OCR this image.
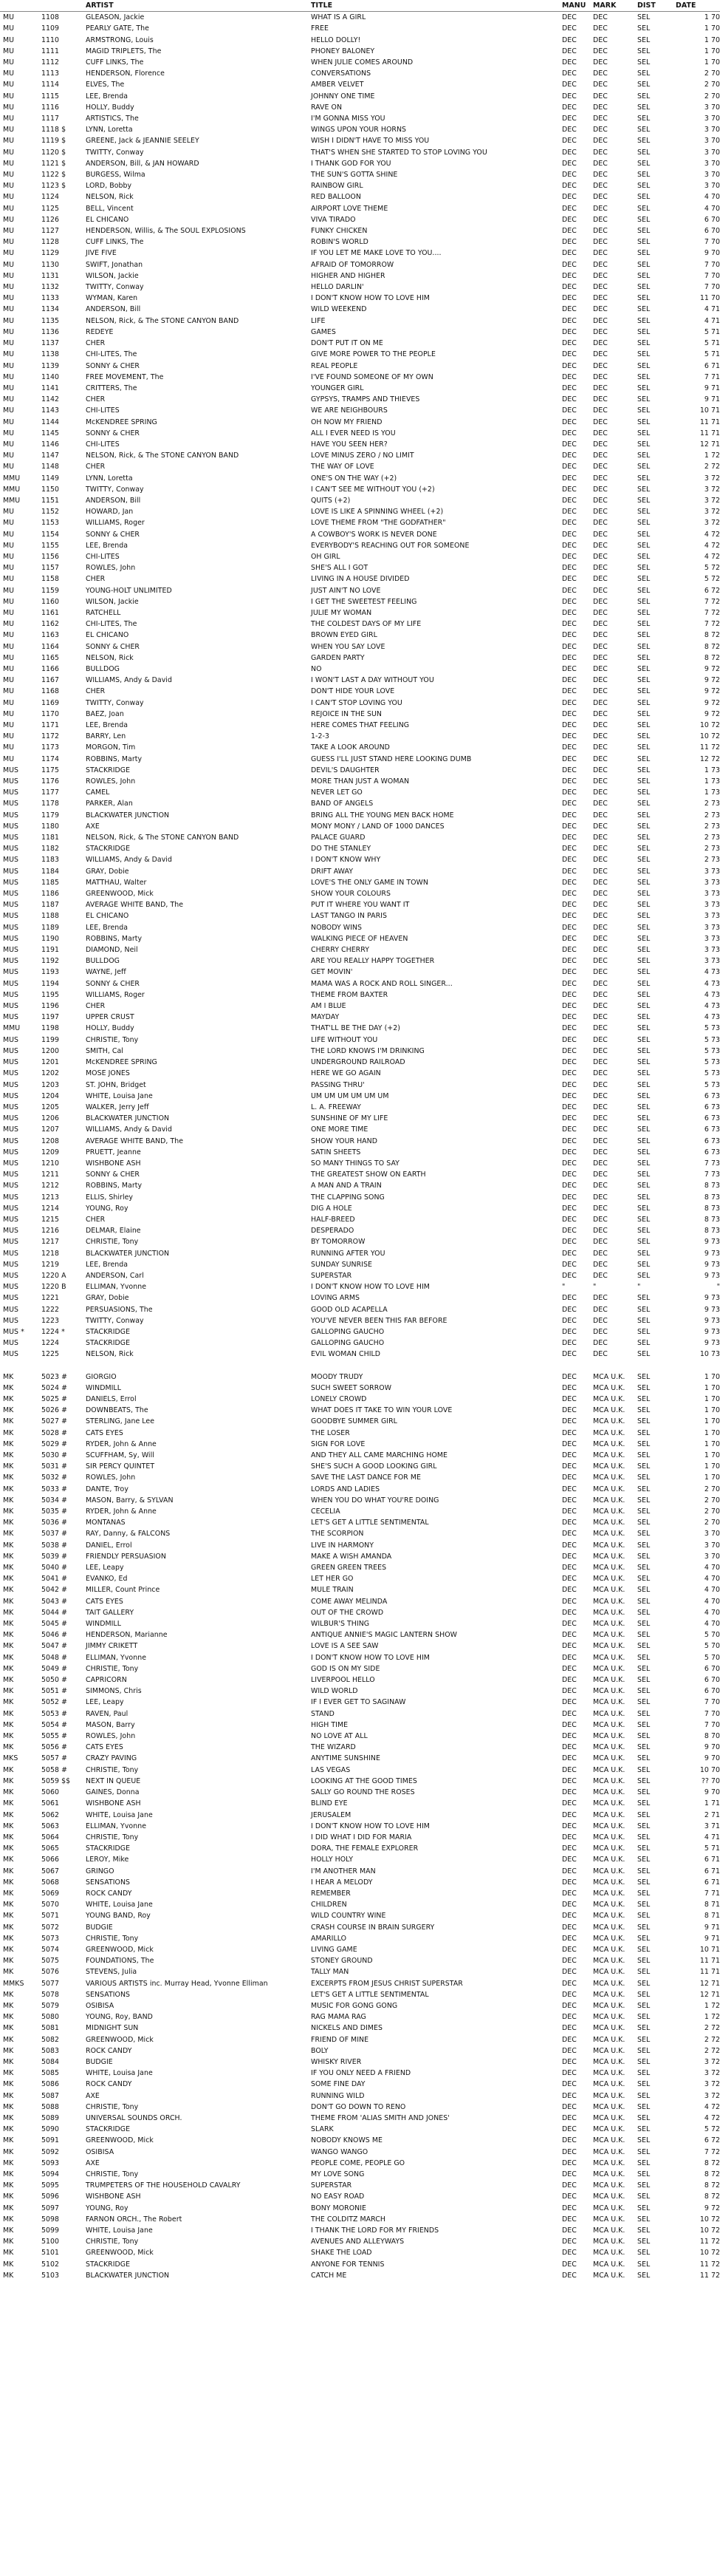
		ARTIST	TITLE	MANU	MARK	DIST	DATE
MU	1108	GLEASON, Jackie	WHAT IS A GIRL	DEC	DEC	SEL	1 70
MU	1109	PEARLY GATE, The	FREE	DEC	DEC	SEL	1 70
MU	1110	ARMSTRONG, Louis	HELLO DOLLY!	DEC	DEC	SEL	1 70
MU	1111	MAGID TRIPLETS, The	PHONEY BALONEY	DEC	DEC	SEL	1 70
MU	1112	CUFF LINKS, The	WHEN JULIE COMES AROUND	DEC	DEC	SEL	1 70
MU	1113	HENDERSON, Florence	CONVERSATIONS	DEC	DEC	SEL	2 70
MU	1114	ELVES, The	AMBER VELVET	DEC	DEC	SEL	2 70
MU	1115	LEE, Brenda	JOHNNY ONE TIME	DEC	DEC	SEL	2 70
MU	1116	HOLLY, Buddy	RAVE ON	DEC	DEC	SEL	3 70
MU	1117	ARTISTICS, The	I'M GONNA MISS YOU	DEC	DEC	SEL	3 70
MU	1118 $	LYNN, Loretta	WINGS UPON YOUR HORNS	DEC	DEC	SEL	3 70
MU	1119 $	GREENE, Jack & JEANNIE SEELEY	WISH I DIDN'T HAVE TO MISS YOU	DEC	DEC	SEL	3 70
MU	1120 $	TWITTY, Conway	THAT'S WHEN SHE STARTED TO STOP LOVING YOU	DEC	DEC	SEL	3 70
MU	1121 $	ANDERSON, Bill, & JAN HOWARD	I THANK GOD FOR YOU	DEC	DEC	SEL	3 70
MU	1122 $	BURGESS, Wilma	THE SUN'S GOTTA SHINE	DEC	DEC	SEL	3 70
MU	1123 $	LORD, Bobby	RAINBOW GIRL	DEC	DEC	SEL	3 70
MU	1124	NELSON, Rick	RED BALLOON	DEC	DEC	SEL	4 70
MU	1125	BELL, Vincent	AIRPORT LOVE THEME	DEC	DEC	SEL	4 70
MU	1126	EL CHICANO	VIVA TIRADO	DEC	DEC	SEL	6 70
MU	1127	HENDERSON, Willis, & The SOUL EXPLOSIONS	FUNKY CHICKEN	DEC	DEC	SEL	6 70
MU	1128	CUFF LINKS, The	ROBIN'S WORLD	DEC	DEC	SEL	7 70
MU	1129	JIVE FIVE	IF YOU LET ME MAKE LOVE TO YOU....	DEC	DEC	SEL	9 70
MU	1130	SWIFT, Jonathan	AFRAID OF TOMORROW	DEC	DEC	SEL	7 70
MU	1131	WILSON, Jackie	HIGHER AND HIGHER	DEC	DEC	SEL	7 70
MU	1132	TWITTY, Conway	HELLO DARLIN'	DEC	DEC	SEL	7 70
MU	1133	WYMAN, Karen	I DON'T KNOW HOW TO LOVE HIM	DEC	DEC	SEL	11 70
MU	1134	ANDERSON, Bill	WILD WEEKEND	DEC	DEC	SEL	4 71
MU	1135	NELSON, Rick, & The STONE CANYON BAND	LIFE	DEC	DEC	SEL	4 71
MU	1136	REDEYE	GAMES	DEC	DEC	SEL	5 71
MU	1137	CHER	DON'T PUT IT ON ME	DEC	DEC	SEL	5 71
MU	1138	CHI-LITES, The	GIVE MORE POWER TO THE PEOPLE	DEC	DEC	SEL	5 71
MU	1139	SONNY & CHER	REAL PEOPLE	DEC	DEC	SEL	6 71
MU	1140	FREE MOVEMENT, The	I'VE FOUND SOMEONE OF MY OWN	DEC	DEC	SEL	7 71
MU	1141	CRITTERS, The	YOUNGER GIRL	DEC	DEC	SEL	9 71
MU	1142	CHER	GYPSYS, TRAMPS AND THIEVES	DEC	DEC	SEL	9 71
MU	1143	CHI-LITES	WE ARE NEIGHBOURS	DEC	DEC	SEL	10 71
MU	1144	McKENDREE SPRING	OH NOW MY FRIEND	DEC	DEC	SEL	11 71
MU	1145	SONNY & CHER	ALL I EVER NEED IS YOU	DEC	DEC	SEL	11 71
MU	1146	CHI-LITES	HAVE YOU SEEN HER?	DEC	DEC	SEL	12 71
MU	1147	NELSON, Rick, & The STONE CANYON BAND	LOVE MINUS ZERO / NO LIMIT	DEC	DEC	SEL	1 72
MU	1148	CHER	THE WAY OF LOVE	DEC	DEC	SEL	2 72
MMU	1149	LYNN, Loretta	ONE'S ON THE WAY (+2)	DEC	DEC	SEL	3 72
MMU	1150	TWITTY, Conway	I CAN'T SEE ME WITHOUT YOU (+2)	DEC	DEC	SEL	3 72
MMU	1151	ANDERSON, Bill	QUITS (+2)	DEC	DEC	SEL	3 72
MU	1152	HOWARD, Jan	LOVE IS LIKE A SPINNING WHEEL (+2)	DEC	DEC	SEL	3 72
MU	1153	WILLIAMS, Roger	LOVE THEME FROM "THE GODFATHER"	DEC	DEC	SEL	3 72
MU	1154	SONNY & CHER	A COWBOY'S WORK IS NEVER DONE	DEC	DEC	SEL	4 72
MU	1155	LEE, Brenda	EVERYBODY'S REACHING OUT FOR SOMEONE	DEC	DEC	SEL	4 72
MU	1156	CHI-LITES	OH GIRL	DEC	DEC	SEL	4 72
MU	1157	ROWLES, John	SHE'S ALL I GOT	DEC	DEC	SEL	5 72
MU	1158	CHER	LIVING IN A HOUSE DIVIDED	DEC	DEC	SEL	5 72
MU	1159	YOUNG-HOLT UNLIMITED	JUST AIN'T NO LOVE	DEC	DEC	SEL	6 72
MU	1160	WILSON, Jackie	I GET THE SWEETEST FEELING	DEC	DEC	SEL	7 72
MU	1161	RATCHELL	JULIE MY WOMAN	DEC	DEC	SEL	7 72
MU	1162	CHI-LITES, The	THE COLDEST DAYS OF MY LIFE	DEC	DEC	SEL	7 72
MU	1163	EL CHICANO	BROWN EYED GIRL	DEC	DEC	SEL	8 72
MU	1164	SONNY & CHER	WHEN YOU SAY LOVE	DEC	DEC	SEL	8 72
MU	1165	NELSON, Rick	GARDEN PARTY	DEC	DEC	SEL	8 72
MU	1166	BULLDOG	NO	DEC	DEC	SEL	9 72
MU	1167	WILLIAMS, Andy & David	I WON'T LAST A DAY WITHOUT YOU	DEC	DEC	SEL	9 72
MU	1168	CHER	DON'T HIDE YOUR LOVE	DEC	DEC	SEL	9 72
MU	1169	TWITTY, Conway	I CAN'T STOP LOVING YOU	DEC	DEC	SEL	9 72
MU	1170	BAEZ, Joan	REJOICE IN THE SUN	DEC	DEC	SEL	9 72
MU	1171	LEE, Brenda	HERE COMES THAT FEELING	DEC	DEC	SEL	10 72
MU	1172	BARRY, Len	1-2-3	DEC	DEC	SEL	10 72
MU	1173	MORGON, Tim	TAKE A LOOK AROUND	DEC	DEC	SEL	11 72
MU	1174	ROBBINS, Marty	GUESS I'LL JUST STAND HERE LOOKING DUMB	DEC	DEC	SEL	12 72
MUS	1175	STACKRIDGE	DEVIL'S DAUGHTER	DEC	DEC	SEL	1 73
MUS	1176	ROWLES, John	MORE THAN JUST A WOMAN	DEC	DEC	SEL	1 73
MUS	1177	CAMEL	NEVER LET GO	DEC	DEC	SEL	1 73
MUS	1178	PARKER, Alan	BAND OF ANGELS	DEC	DEC	SEL	2 73
MUS	1179	BLACKWATER JUNCTION	BRING ALL THE YOUNG MEN BACK HOME	DEC	DEC	SEL	2 73
MUS	1180	AXE	MONY MONY / LAND OF 1000 DANCES	DEC	DEC	SEL	2 73
MUS	1181	NELSON, Rick, & The STONE CANYON BAND	PALACE GUARD	DEC	DEC	SEL	2 73
MUS	1182	STACKRIDGE	DO THE STANLEY	DEC	DEC	SEL	2 73
MUS	1183	WILLIAMS, Andy & David	I DON'T KNOW WHY	DEC	DEC	SEL	2 73
MUS	1184	GRAY, Dobie	DRIFT AWAY	DEC	DEC	SEL	3 73
MUS	1185	MATTHAU, Walter	LOVE'S THE ONLY GAME IN TOWN	DEC	DEC	SEL	3 73
MUS	1186	GREENWOOD, Mick	SHOW YOUR COLOURS	DEC	DEC	SEL	3 73
MUS	1187	AVERAGE WHITE BAND, The	PUT IT WHERE YOU WANT IT	DEC	DEC	SEL	3 73
MUS	1188	EL CHICANO	LAST TANGO IN PARIS	DEC	DEC	SEL	3 73
MUS	1189	LEE, Brenda	NOBODY WINS	DEC	DEC	SEL	3 73
MUS	1190	ROBBINS, Marty	WALKING PIECE OF HEAVEN	DEC	DEC	SEL	3 73
MUS	1191	DIAMOND, Neil	CHERRY CHERRY	DEC	DEC	SEL	3 73
MUS	1192	BULLDOG	ARE YOU REALLY HAPPY TOGETHER	DEC	DEC	SEL	3 73
MUS	1193	WAYNE, Jeff	GET MOVIN'	DEC	DEC	SEL	4 73
MUS	1194	SONNY & CHER	MAMA WAS A ROCK AND ROLL SINGER...	DEC	DEC	SEL	4 73
MUS	1195	WILLIAMS, Roger	THEME FROM BAXTER	DEC	DEC	SEL	4 73
MUS	1196	CHER	AM I BLUE	DEC	DEC	SEL	4 73
MUS	1197	UPPER CRUST	MAYDAY	DEC	DEC	SEL	4 73
MMU	1198	HOLLY, Buddy	THAT'LL BE THE DAY (+2)	DEC	DEC	SEL	5 73
MUS	1199	CHRISTIE, Tony	LIFE WITHOUT YOU	DEC	DEC	SEL	5 73
MUS	1200	SMITH, Cal	THE LORD KNOWS I'M DRINKING	DEC	DEC	SEL	5 73
MUS	1201	McKENDREE SPRING	UNDERGROUND RAILROAD	DEC	DEC	SEL	5 73
MUS	1202	MOSE JONES	HERE WE GO AGAIN	DEC	DEC	SEL	5 73
MUS	1203	ST. JOHN, Bridget	PASSING THRU'	DEC	DEC	SEL	5 73
MUS	1204	WHITE, Louisa Jane	UM UM UM UM UM UM	DEC	DEC	SEL	6 73
MUS	1205	WALKER, Jerry Jeff	L. A. FREEWAY	DEC	DEC	SEL	6 73
MUS	1206	BLACKWATER JUNCTION	SUNSHINE OF MY LIFE	DEC	DEC	SEL	6 73
MUS	1207	WILLIAMS, Andy & David	ONE MORE TIME	DEC	DEC	SEL	6 73
MUS	1208	AVERAGE WHITE BAND, The	SHOW YOUR HAND	DEC	DEC	SEL	6 73
MUS	1209	PRUETT, Jeanne	SATIN SHEETS	DEC	DEC	SEL	6 73
MUS	1210	WISHBONE ASH	SO MANY THINGS TO SAY	DEC	DEC	SEL	7 73
MUS	1211	SONNY & CHER	THE GREATEST SHOW ON EARTH	DEC	DEC	SEL	7 73
MUS	1212	ROBBINS, Marty	A MAN AND A TRAIN	DEC	DEC	SEL	8 73
MUS	1213	ELLIS, Shirley	THE CLAPPING SONG	DEC	DEC	SEL	8 73
MUS	1214	YOUNG, Roy	DIG A HOLE	DEC	DEC	SEL	8 73
MUS	1215	CHER	HALF-BREED	DEC	DEC	SEL	8 73
MUS	1216	DELMAR, Elaine	DESPERADO	DEC	DEC	SEL	8 73
MUS	1217	CHRISTIE, Tony	BY TOMORROW	DEC	DEC	SEL	9 73
MUS	1218	BLACKWATER JUNCTION	RUNNING AFTER YOU	DEC	DEC	SEL	9 73
MUS	1219	LEE, Brenda	SUNDAY SUNRISE	DEC	DEC	SEL	9 73
MUS	1220 A	ANDERSON, Carl	SUPERSTAR	DEC	DEC	SEL	9 73
MUS	1220 B	ELLIMAN, Yvonne	I DON'T KNOW HOW TO LOVE HIM	"	"	"	"
MUS	1221	GRAY, Dobie	LOVING ARMS	DEC	DEC	SEL	9 73
MUS	1222	PERSUASIONS, The	GOOD OLD ACAPELLA	DEC	DEC	SEL	9 73
MUS	1223	TWITTY, Conway	YOU'VE NEVER BEEN THIS FAR BEFORE	DEC	DEC	SEL	9 73
MUS *	1224 *	STACKRIDGE	GALLOPING GAUCHO	DEC	DEC	SEL	9 73
MUS	1224	STACKRIDGE	GALLOPING GAUCHO	DEC	DEC	SEL	9 73
MUS	1225	NELSON, Rick	EVIL WOMAN CHILD	DEC	DEC	SEL	10 73

MK	5023 #	GIORGIO	MOODY TRUDY	DEC	MCA U.K.	SEL	1 70
MK	5024 #	WINDMILL	SUCH SWEET SORROW	DEC	MCA U.K.	SEL	1 70
MK	5025 #	DANIELS, Errol	LONELY CROWD	DEC	MCA U.K.	SEL	1 70
MK	5026 #	DOWNBEATS, The	WHAT DOES IT TAKE TO WIN YOUR LOVE	DEC	MCA U.K.	SEL	1 70
MK	5027 #	STERLING, Jane Lee	GOODBYE SUMMER GIRL	DEC	MCA U.K.	SEL	1 70
MK	5028 #	CATS EYES	THE LOSER	DEC	MCA U.K.	SEL	1 70
MK	5029 #	RYDER, John & Anne	SIGN FOR LOVE	DEC	MCA U.K.	SEL	1 70
MK	5030 #	SCUFFHAM, Sy, Will	AND THEY ALL CAME MARCHING HOME	DEC	MCA U.K.	SEL	1 70
MK	5031 #	SIR PERCY QUINTET	SHE'S SUCH A GOOD LOOKING GIRL	DEC	MCA U.K.	SEL	1 70
MK	5032 #	ROWLES, John	SAVE THE LAST DANCE FOR ME	DEC	MCA U.K.	SEL	1 70
MK	5033 #	DANTE, Troy	LORDS AND LADIES	DEC	MCA U.K.	SEL	2 70
MK	5034 #	MASON, Barry, & SYLVAN	WHEN YOU DO WHAT YOU'RE DOING	DEC	MCA U.K.	SEL	2 70
MK	5035 #	RYDER, John & Anne	CECELIA	DEC	MCA U.K.	SEL	2 70
MK	5036 #	MONTANAS	LET'S GET A LITTLE SENTIMENTAL	DEC	MCA U.K.	SEL	2 70
MK	5037 #	RAY, Danny, & FALCONS	THE SCORPION	DEC	MCA U.K.	SEL	3 70
MK	5038 #	DANIEL, Errol	LIVE IN HARMONY	DEC	MCA U.K.	SEL	3 70
MK	5039 #	FRIENDLY PERSUASION	MAKE A WISH AMANDA	DEC	MCA U.K.	SEL	3 70
MK	5040 #	LEE, Leapy	GREEN GREEN TREES	DEC	MCA U.K.	SEL	4 70
MK	5041 #	EVANKO, Ed	LET HER GO	DEC	MCA U.K.	SEL	4 70
MK	5042 #	MILLER, Count Prince	MULE TRAIN	DEC	MCA U.K.	SEL	4 70
MK	5043 #	CATS EYES	COME AWAY MELINDA	DEC	MCA U.K.	SEL	4 70
MK	5044 #	TAIT GALLERY	OUT OF THE CROWD	DEC	MCA U.K.	SEL	4 70
MK	5045 #	WINDMILL	WILBUR'S THING	DEC	MCA U.K.	SEL	4 70
MK	5046 #	HENDERSON, Marianne	ANTIQUE ANNIE'S MAGIC LANTERN SHOW	DEC	MCA U.K.	SEL	5 70
MK	5047 #	JIMMY CRIKETT	LOVE IS A SEE SAW	DEC	MCA U.K.	SEL	5 70
MK	5048 #	ELLIMAN, Yvonne	I DON'T KNOW HOW TO LOVE HIM	DEC	MCA U.K.	SEL	5 70
MK	5049 #	CHRISTIE, Tony	GOD IS ON MY SIDE	DEC	MCA U.K.	SEL	6 70
MK	5050 #	CAPRICORN	LIVERPOOL HELLO	DEC	MCA U.K.	SEL	6 70
MK	5051 #	SIMMONS, Chris	WILD WORLD	DEC	MCA U.K.	SEL	6 70
MK	5052 #	LEE, Leapy	IF I EVER GET TO SAGINAW	DEC	MCA U.K.	SEL	7 70
MK	5053 #	RAVEN, Paul	STAND	DEC	MCA U.K.	SEL	7 70
MK	5054 #	MASON, Barry	HIGH TIME	DEC	MCA U.K.	SEL	7 70
MK	5055 #	ROWLES, John	NO LOVE AT ALL	DEC	MCA U.K.	SEL	8 70
MK	5056 #	CATS EYES	THE WIZARD	DEC	MCA U.K.	SEL	9 70
MKS	5057 #	CRAZY PAVING	ANYTIME SUNSHINE	DEC	MCA U.K.	SEL	9 70
MK	5058 #	CHRISTIE, Tony	LAS VEGAS	DEC	MCA U.K.	SEL	10 70
MK	5059 $$	NEXT IN QUEUE	LOOKING AT THE GOOD TIMES	DEC	MCA U.K.	SEL	?? 70
MK	5060	GAINES, Donna	SALLY GO ROUND THE ROSES	DEC	MCA U.K.	SEL	9 70
MK	5061	WISHBONE ASH	BLIND EYE	DEC	MCA U.K.	SEL	1 71
MK	5062	WHITE, Louisa Jane	JERUSALEM	DEC	MCA U.K.	SEL	2 71
MK	5063	ELLIMAN, Yvonne	I DON'T KNOW HOW TO LOVE HIM	DEC	MCA U.K.	SEL	3 71
MK	5064	CHRISTIE, Tony	I DID WHAT I DID FOR MARIA	DEC	MCA U.K.	SEL	4 71
MK	5065	STACKRIDGE	DORA, THE FEMALE EXPLORER	DEC	MCA U.K.	SEL	5 71
MK	5066	LEROY, Mike	HOLLY HOLY	DEC	MCA U.K.	SEL	6 71
MK	5067	GRINGO	I'M ANOTHER MAN	DEC	MCA U.K.	SEL	6 71
MK	5068	SENSATIONS	I HEAR A MELODY	DEC	MCA U.K.	SEL	6 71
MK	5069	ROCK CANDY	REMEMBER	DEC	MCA U.K.	SEL	7 71
MK	5070	WHITE, Louisa Jane	CHILDREN	DEC	MCA U.K.	SEL	8 71
MK	5071	YOUNG BAND, Roy	WILD COUNTRY WINE	DEC	MCA U.K.	SEL	8 71
MK	5072	BUDGIE	CRASH COURSE IN BRAIN SURGERY	DEC	MCA U.K.	SEL	9 71
MK	5073	CHRISTIE, Tony	AMARILLO	DEC	MCA U.K.	SEL	9 71
MK	5074	GREENWOOD, Mick	LIVING GAME	DEC	MCA U.K.	SEL	10 71
MK	5075	FOUNDATIONS, The	STONEY GROUND	DEC	MCA U.K.	SEL	11 71
MK	5076	STEVENS, Julia	TALLY MAN	DEC	MCA U.K.	SEL	11 71
MMKS	5077	VARIOUS ARTISTS inc. Murray Head, Yvonne Elliman	EXCERPTS FROM JESUS CHRIST SUPERSTAR	DEC	MCA U.K.	SEL	12 71
MK	5078	SENSATIONS	LET'S GET A LITTLE SENTIMENTAL	DEC	MCA U.K.	SEL	12 71
MK	5079	OSIBISA	MUSIC FOR GONG GONG	DEC	MCA U.K.	SEL	1 72
MK	5080	YOUNG, Roy, BAND	RAG MAMA RAG	DEC	MCA U.K.	SEL	1 72
MK	5081	MIDNIGHT SUN	NICKELS AND DIMES	DEC	MCA U.K.	SEL	2 72
MK	5082	GREENWOOD, Mick	FRIEND OF MINE	DEC	MCA U.K.	SEL	2 72
MK	5083	ROCK CANDY	BOLY	DEC	MCA U.K.	SEL	2 72
MK	5084	BUDGIE	WHISKY RIVER	DEC	MCA U.K.	SEL	3 72
MK	5085	WHITE, Louisa Jane	IF YOU ONLY NEED A FRIEND	DEC	MCA U.K.	SEL	3 72
MK	5086	ROCK CANDY	SOME FINE DAY	DEC	MCA U.K.	SEL	3 72
MK	5087	AXE	RUNNING WILD	DEC	MCA U.K.	SEL	3 72
MK	5088	CHRISTIE, Tony	DON'T GO DOWN TO RENO	DEC	MCA U.K.	SEL	4 72
MK	5089	UNIVERSAL SOUNDS ORCH.	THEME FROM 'ALIAS SMITH AND JONES'	DEC	MCA U.K.	SEL	4 72
MK	5090	STACKRIDGE	SLARK	DEC	MCA U.K.	SEL	5 72
MK	5091	GREENWOOD, Mick	NOBODY KNOWS ME	DEC	MCA U.K.	SEL	6 72
MK	5092	OSIBISA	WANGO WANGO	DEC	MCA U.K.	SEL	7 72
MK	5093	AXE	PEOPLE COME, PEOPLE GO	DEC	MCA U.K.	SEL	8 72
MK	5094	CHRISTIE, Tony	MY LOVE SONG	DEC	MCA U.K.	SEL	8 72
MK	5095	TRUMPETERS OF THE HOUSEHOLD CAVALRY	SUPERSTAR	DEC	MCA U.K.	SEL	8 72
MK	5096	WISHBONE ASH	NO EASY ROAD	DEC	MCA U.K.	SEL	8 72
MK	5097	YOUNG, Roy	BONY MORONIE	DEC	MCA U.K.	SEL	9 72
MK	5098	FARNON ORCH., The Robert	THE COLDITZ MARCH	DEC	MCA U.K.	SEL	10 72
MK	5099	WHITE, Louisa Jane	I THANK THE LORD FOR MY FRIENDS	DEC	MCA U.K.	SEL	10 72
MK	5100	CHRISTIE, Tony	AVENUES AND ALLEYWAYS	DEC	MCA U.K.	SEL	11 72
MK	5101	GREENWOOD, Mick	SHAKE THE LOAD	DEC	MCA U.K.	SEL	10 72
MK	5102	STACKRIDGE	ANYONE FOR TENNIS	DEC	MCA U.K.	SEL	11 72
MK	5103	BLACKWATER JUNCTION	CATCH ME	DEC	MCA U.K.	SEL	11 72
